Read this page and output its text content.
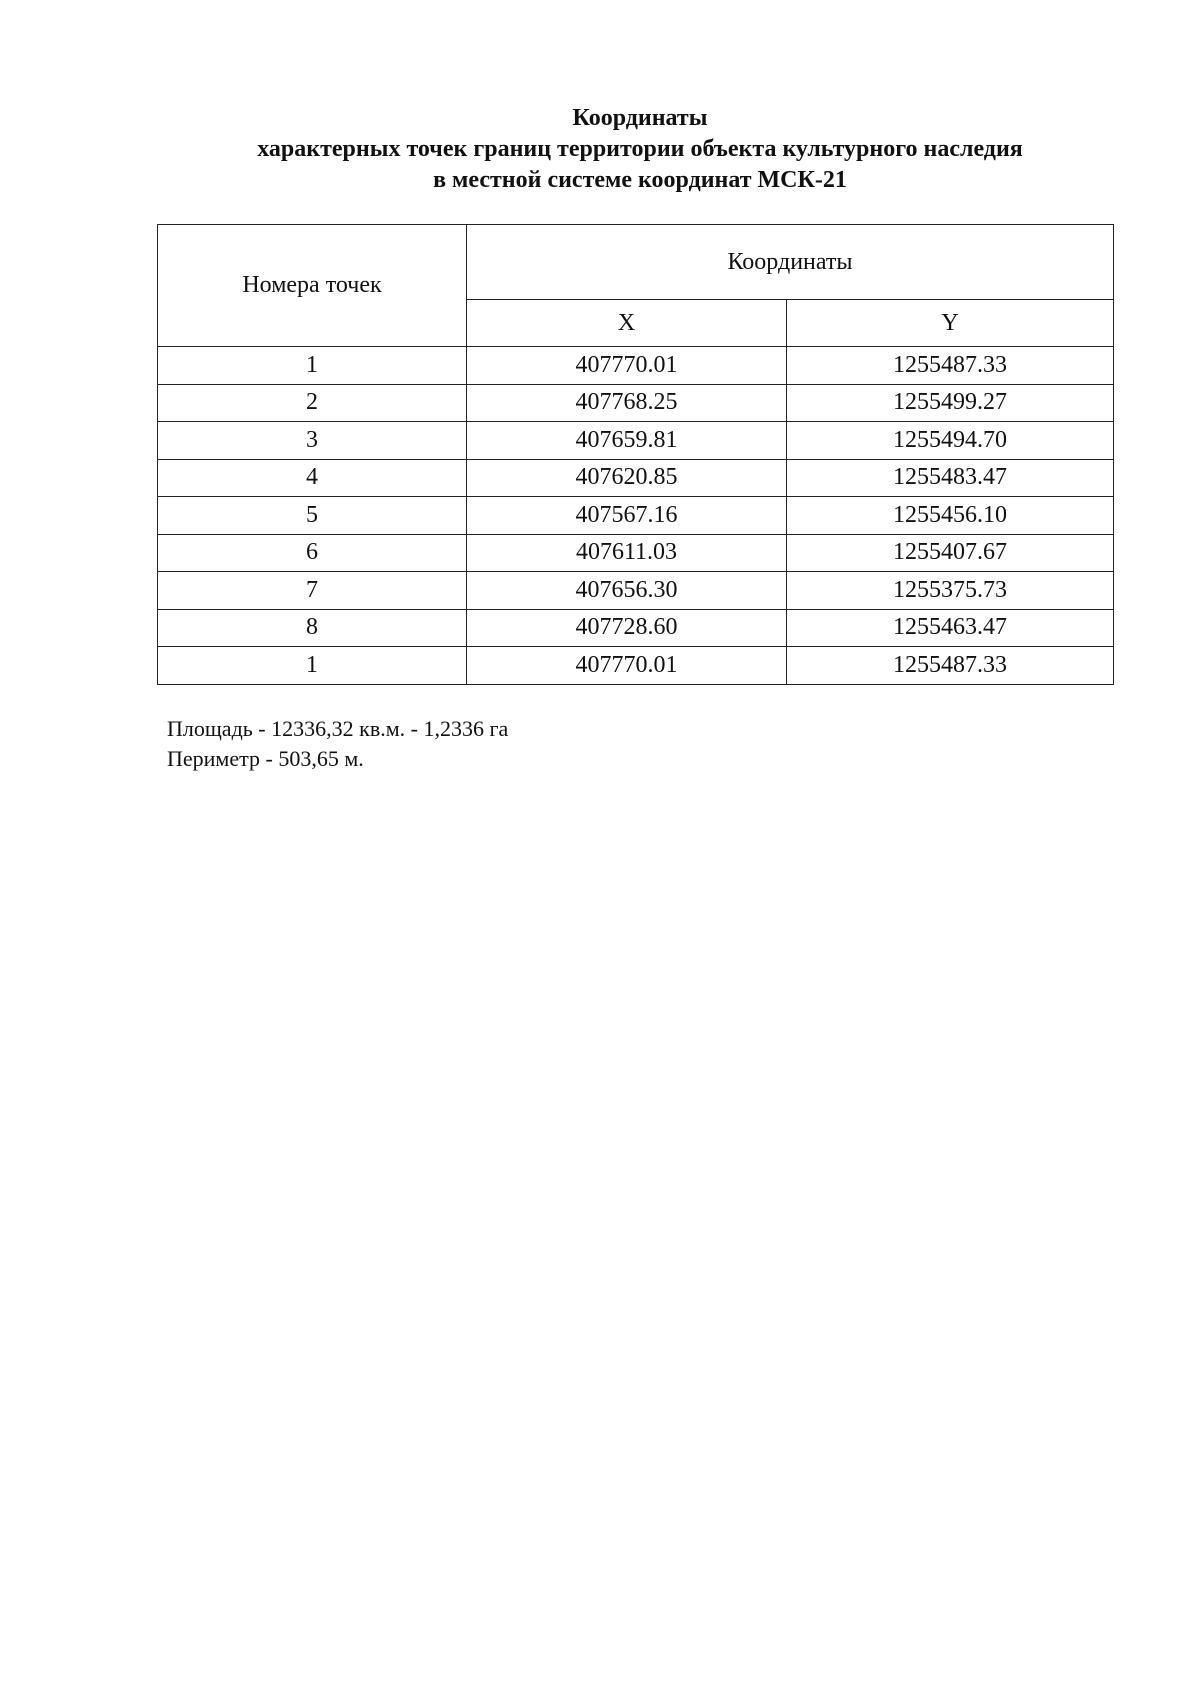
Координаты
характерных точек границ территории объекта культурного наследия
в местной системе координат МСК-21
Номера точек	Координаты	
	X	Y
1	407770.01	1255487.33
2	407768.25	1255499.27
3	407659.81	1255494.70
4	407620.85	1255483.47
5	407567.16	1255456.10
6	407611.03	1255407.67
7	407656.30	1255375.73
8	407728.60	1255463.47
1	407770.01	1255487.33
Площадь - 12336,32 кв.м. - 1,2336 га
Периметр - 503,65 м.
